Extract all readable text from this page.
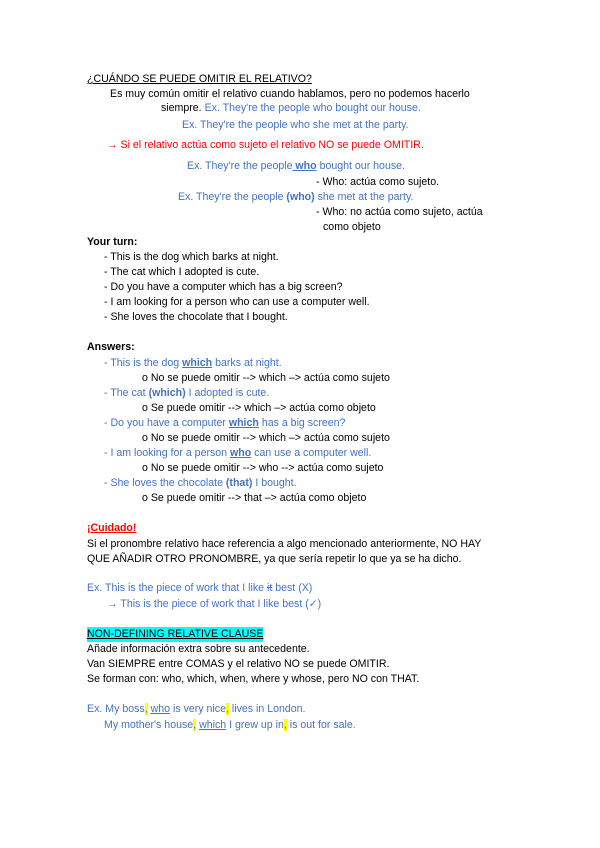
¿CUÁNDO SE PUEDE OMITIR EL RELATIVO?
Es muy común omitir el relativo cuando hablamos, pero no podemos hacerlo
siempre. Ex. They're the people who bought our house.
Ex. They're the people who she met at the party.
→ Si el relativo actúa como sujeto el relativo NO se puede OMITIR.
Ex. They're the people who bought our house.
- Who: actúa como sujeto.
Ex. They're the people (who) she met at the party.
- Who: no actúa como sujeto, actúa
como objeto
Your turn:
- This is the dog which barks at night.
- The cat which I adopted is cute.
- Do you have a computer which has a big screen?
- I am looking for a person who can use a computer well.
- She loves the chocolate that I bought.
Answers:
- This is the dog which barks at night.
o No se puede omitir --> which –> actúa como sujeto
- The cat (which) I adopted is cute.
o Se puede omitir --> which –> actúa como objeto
- Do you have a computer which has a big screen?
o No se puede omitir --> which –> actúa como sujeto
- I am looking for a person who can use a computer well.
o No se puede omitir --> who --> actúa como sujeto
- She loves the chocolate (that) I bought.
o Se puede omitir --> that –> actúa como objeto
¡Cuidado!
Si el pronombre relativo hace referencia a algo mencionado anteriormente, NO HAY
QUE AÑADIR OTRO PRONOMBRE, ya que sería repetir lo que ya se ha dicho.
Ex. This is the piece of work that I like it best (X)
→ This is the piece of work that I like best (✓)
NON-DEFINING RELATIVE CLAUSE
Añade información extra sobre su antecedente.
Van SIEMPRE entre COMAS y el relativo NO se puede OMITIR.
Se forman con: who, which, when, where y whose, pero NO con THAT.
Ex. My boss, who is very nice, lives in London.
My mother's house, which I grew up in, is out for sale.
